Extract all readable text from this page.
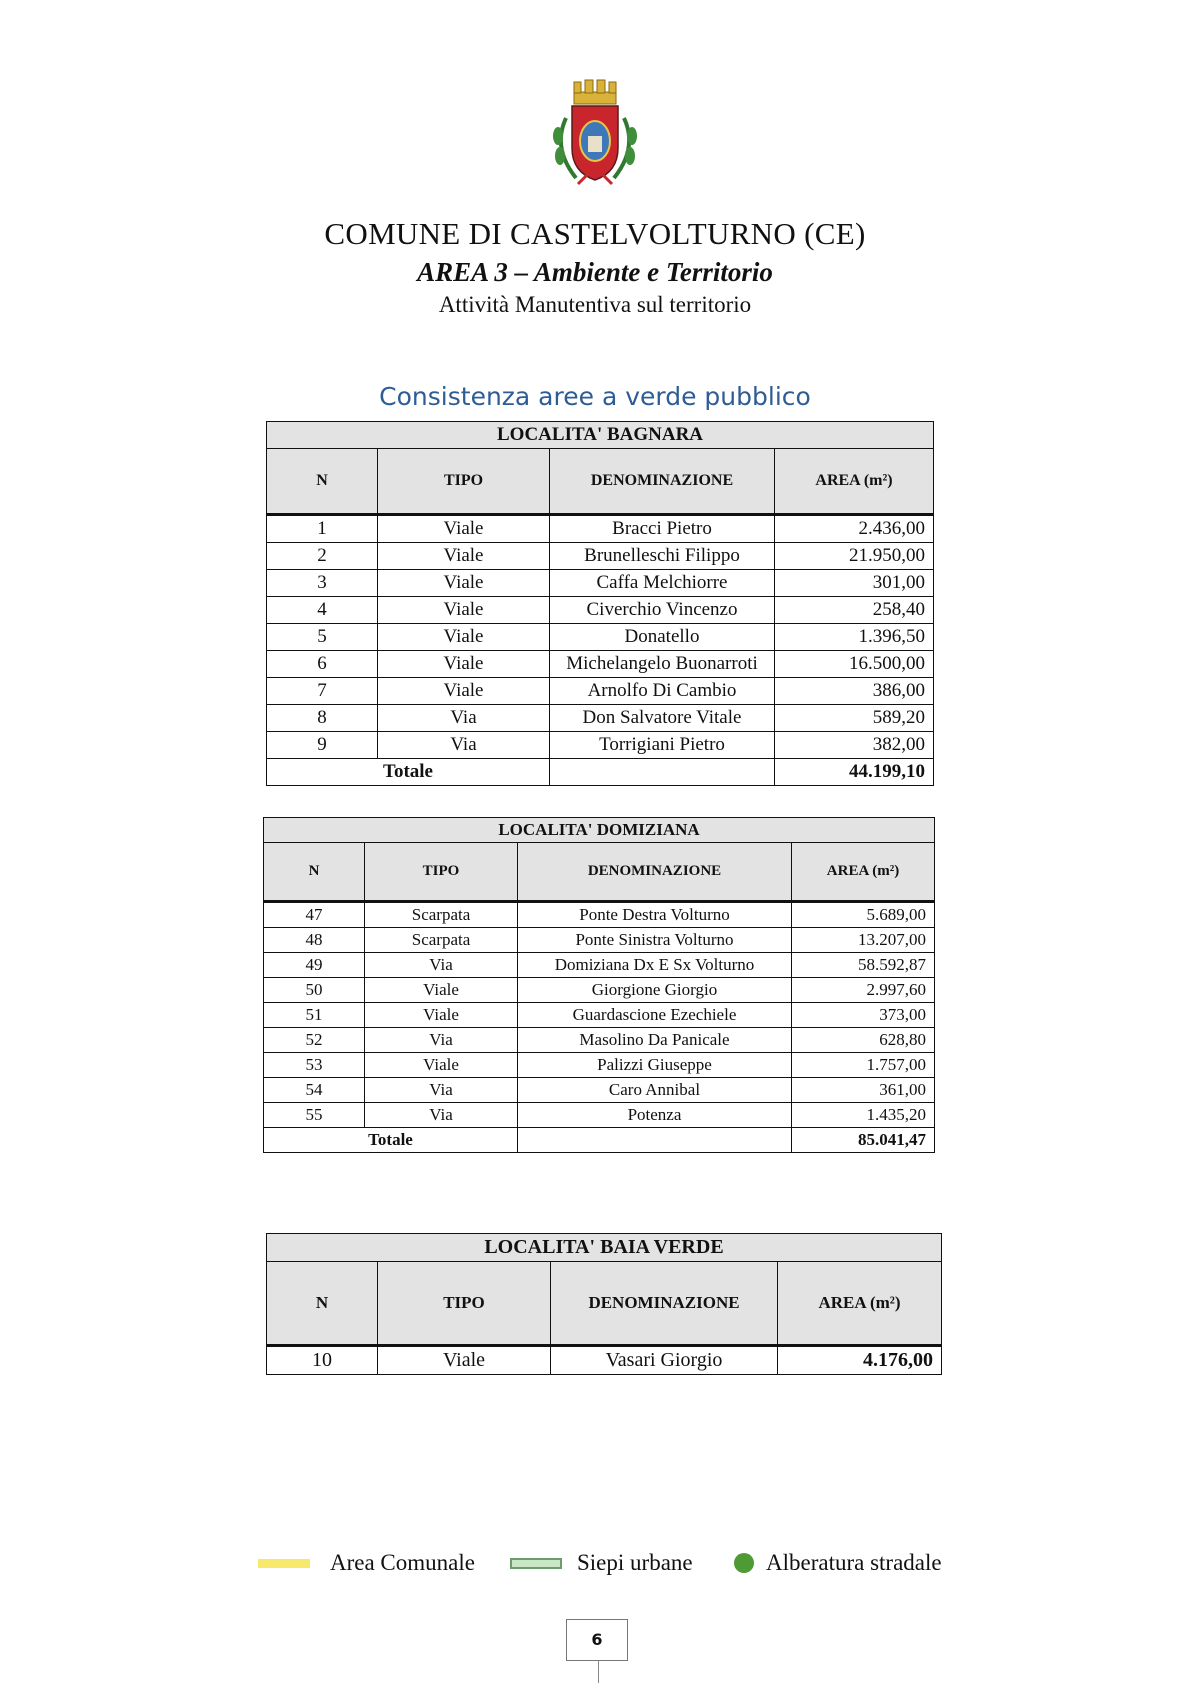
COMUNE DI CASTELVOLTURNO (CE)
AREA 3 – Ambiente e Territorio
Attività Manutentiva sul territorio
Consistenza aree a verde pubblico
LOCALITA' BAGNARA			
N	TIPO	DENOMINAZIONE	AREA (m²)
1	Viale	Bracci Pietro	2.436,00
2	Viale	Brunelleschi Filippo	21.950,00
3	Viale	Caffa Melchiorre	301,00
4	Viale	Civerchio Vincenzo	258,40
5	Viale	Donatello	1.396,50
6	Viale	Michelangelo Buonarroti	16.500,00
7	Viale	Arnolfo Di Cambio	386,00
8	Via	Don Salvatore Vitale	589,20
9	Via	Torrigiani Pietro	382,00
Totale			44.199,10
LOCALITA' DOMIZIANA			
N	TIPO	DENOMINAZIONE	AREA (m²)
47	Scarpata	Ponte Destra Volturno	5.689,00
48	Scarpata	Ponte Sinistra Volturno	13.207,00
49	Via	Domiziana Dx E Sx Volturno	58.592,87
50	Viale	Giorgione Giorgio	2.997,60
51	Viale	Guardascione Ezechiele	373,00
52	Via	Masolino Da Panicale	628,80
53	Viale	Palizzi Giuseppe	1.757,00
54	Via	Caro Annibal	361,00
55	Via	Potenza	1.435,20
Totale			85.041,47
LOCALITA' BAIA VERDE			
N	TIPO	DENOMINAZIONE	AREA (m²)
10	Viale	Vasari Giorgio	4.176,00
Area Comunale	Siepi urbane	Alberatura stradale
6
